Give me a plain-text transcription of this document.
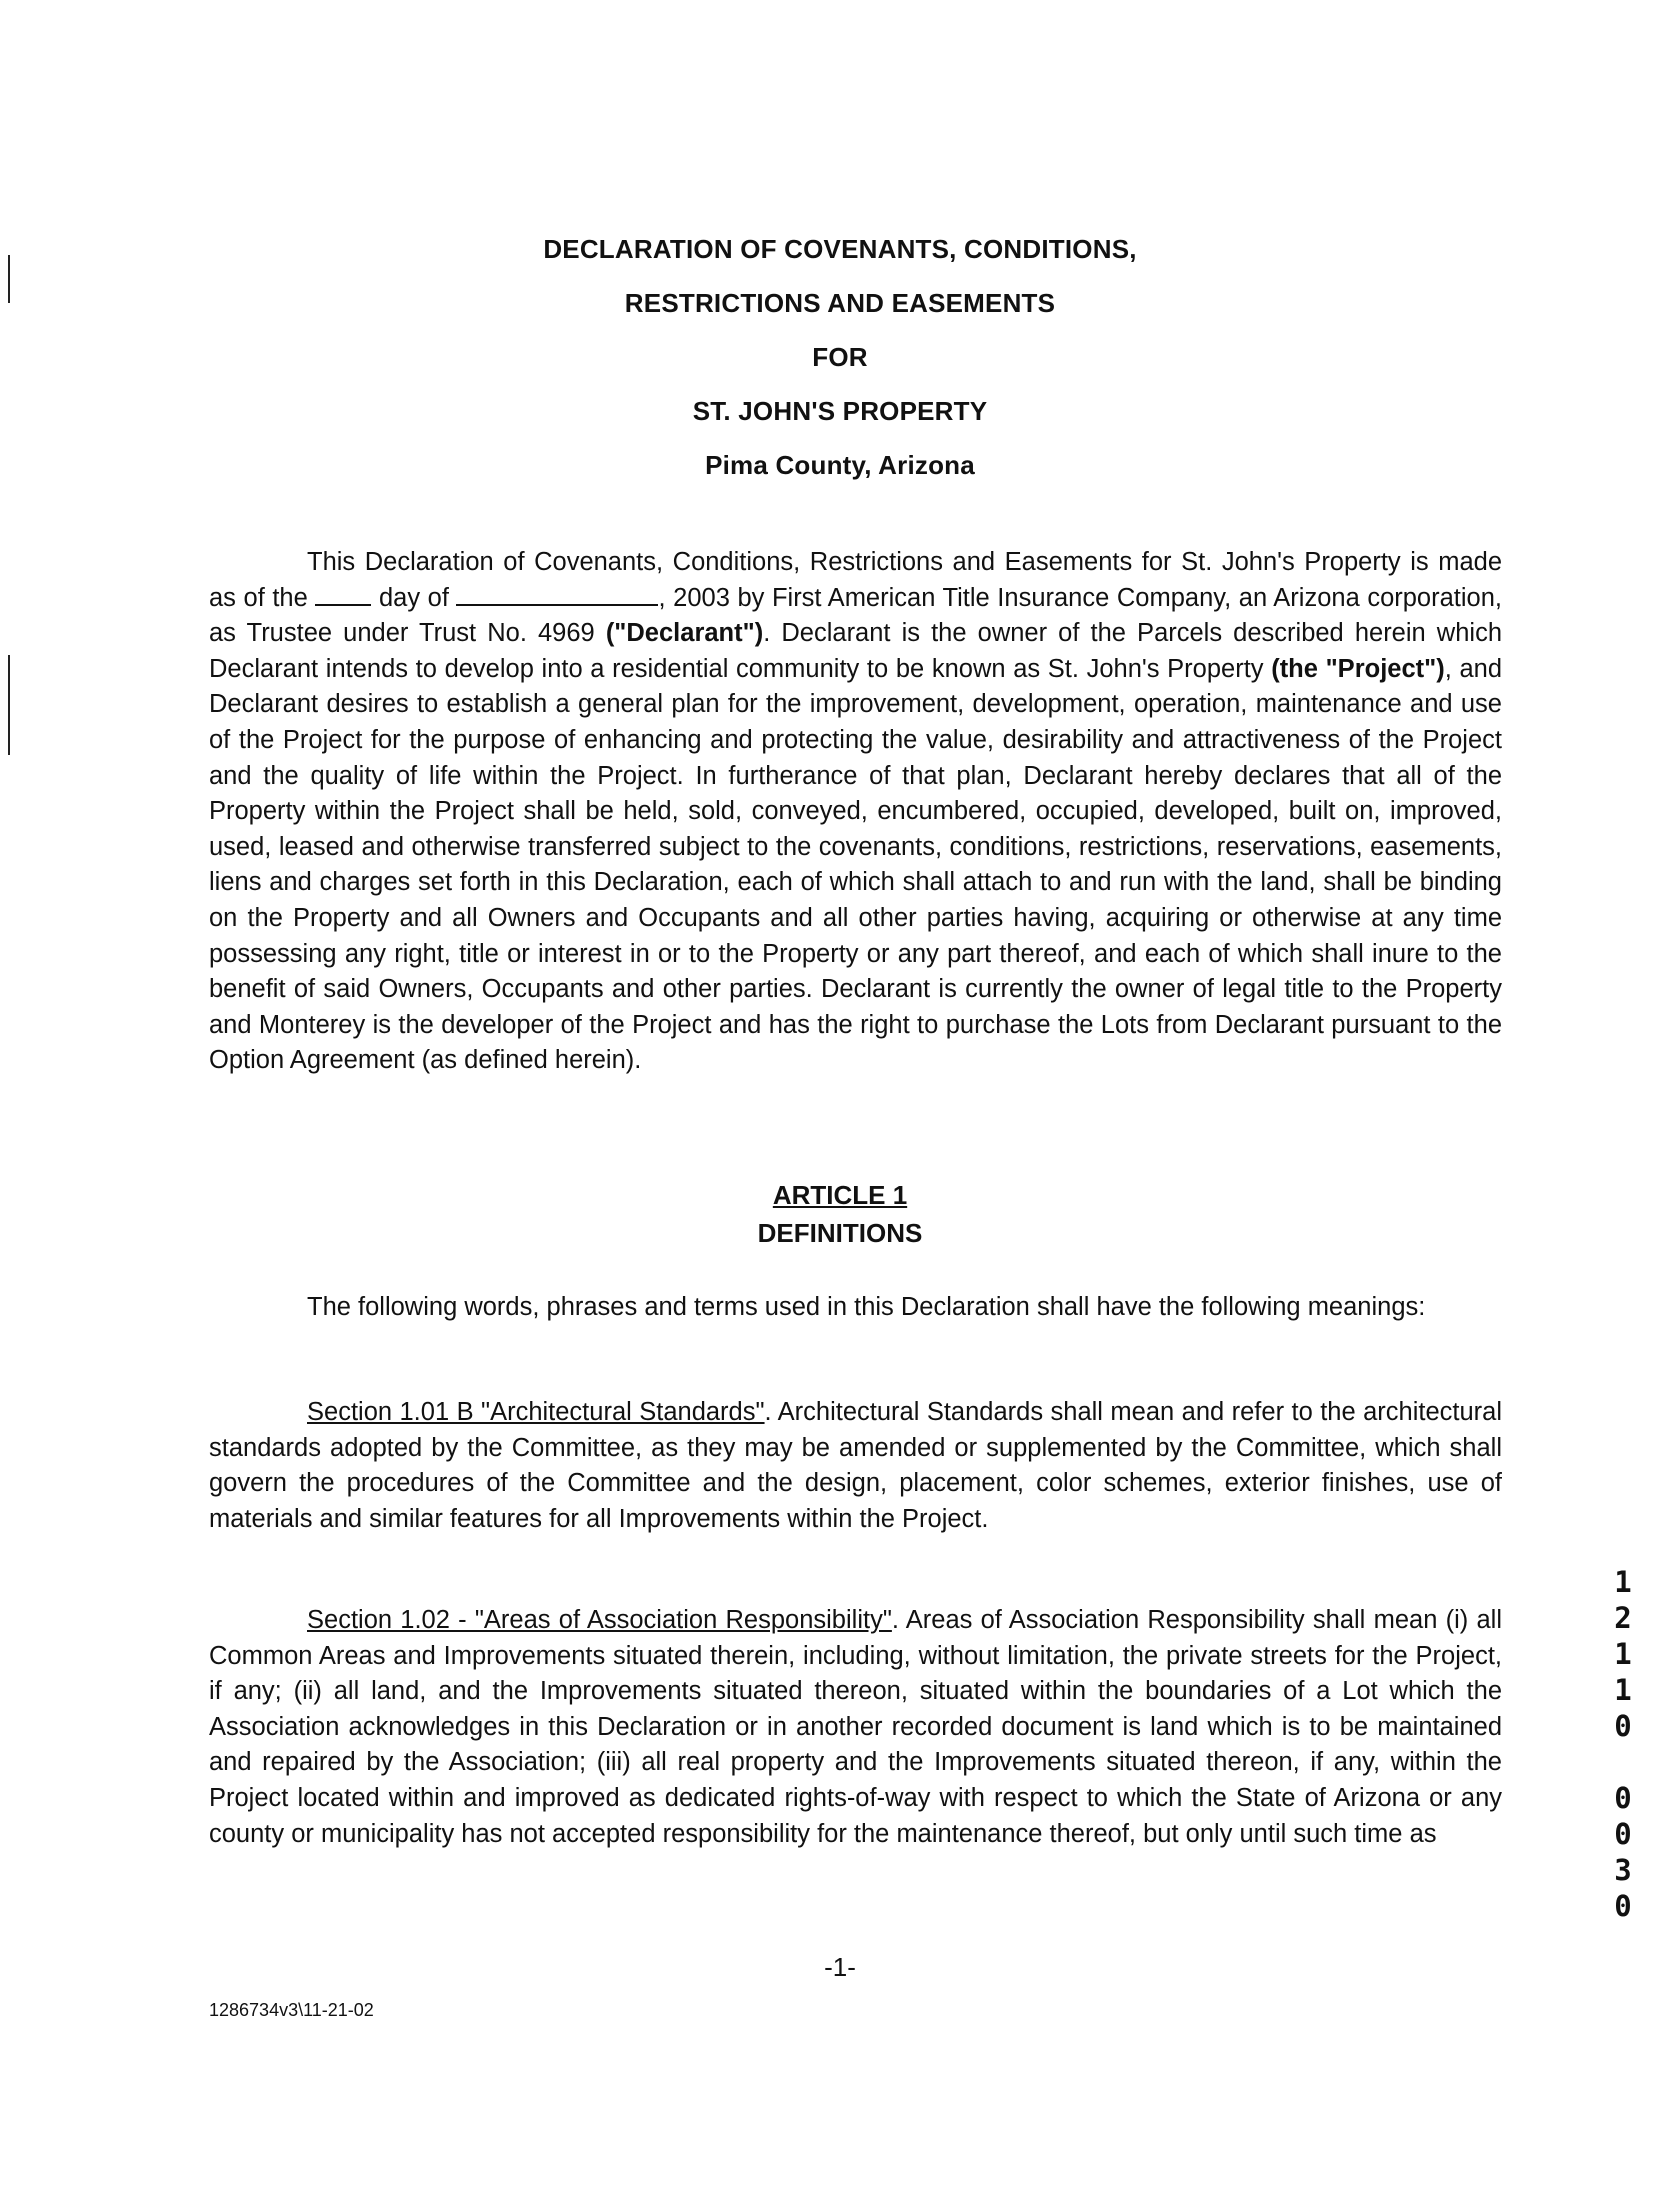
DECLARATION OF COVENANTS, CONDITIONS,
RESTRICTIONS AND EASEMENTS
FOR
ST. JOHN'S PROPERTY
Pima County, Arizona

This Declaration of Covenants, Conditions, Restrictions and Easements for St. John's Property is made as of the  day of	, 2003 by First American Title Insurance Company, an Arizona corporation, as Trustee under Trust No. 4969 ("Declarant"). Declarant is the owner of the Parcels described herein which Declarant intends to develop into a residential community to be known as St. John's Property (the "Project"), and Declarant desires to establish a general plan for the improvement, development, operation, maintenance and use of the Project for the purpose of enhancing and protecting the value, desirability and attractiveness of the Project and the quality of life within the Project. In furtherance of that plan, Declarant hereby declares that all of the Property within the Project shall be held, sold, conveyed, encumbered, occupied, developed, built on, improved, used, leased and otherwise transferred subject to the covenants, conditions, restrictions, reservations, easements, liens and charges set forth in this Declaration, each of which shall attach to and run with the land, shall be binding on the Property and all Owners and Occupants and all other parties having, acquiring or otherwise at any time possessing any right, title or interest in or to the Property or any part thereof, and each of which shall inure to the benefit of said Owners, Occupants and other parties. Declarant is currently the owner of legal title to the Property and Monterey is the developer of the Project and has the right to purchase the Lots from Declarant pursuant to the Option Agreement (as defined herein).

ARTICLE 1
DEFINITIONS

The following words, phrases and terms used in this Declaration shall have the following meanings:

Section 1.01 B "Architectural Standards". Architectural Standards shall mean and refer to the architectural standards adopted by the Committee, as they may be amended or supplemented by the Committee, which shall govern the procedures of the Committee and the design, placement, color schemes, exterior finishes, use of materials and similar features for all Improvements within the Project.

Section 1.02 - "Areas of Association Responsibility". Areas of Association Responsibility shall mean (i) all Common Areas and Improvements situated therein, including, without limitation, the private streets for the Project, if any; (ii) all land, and the Improvements situated thereon, situated within the boundaries of a Lot which the Association acknowledges in this Declaration or in another recorded document is land which is to be maintained and repaired by the Association; (iii) all real property and the Improvements situated thereon, if any, within the Project located within and improved as dedicated rights-of-way with respect to which the State of Arizona or any county or municipality has not accepted responsibility for the maintenance thereof, but only until such time as

-1-
1286734v3\11-21-02
1
2
1
1
0

0
0
3
0
